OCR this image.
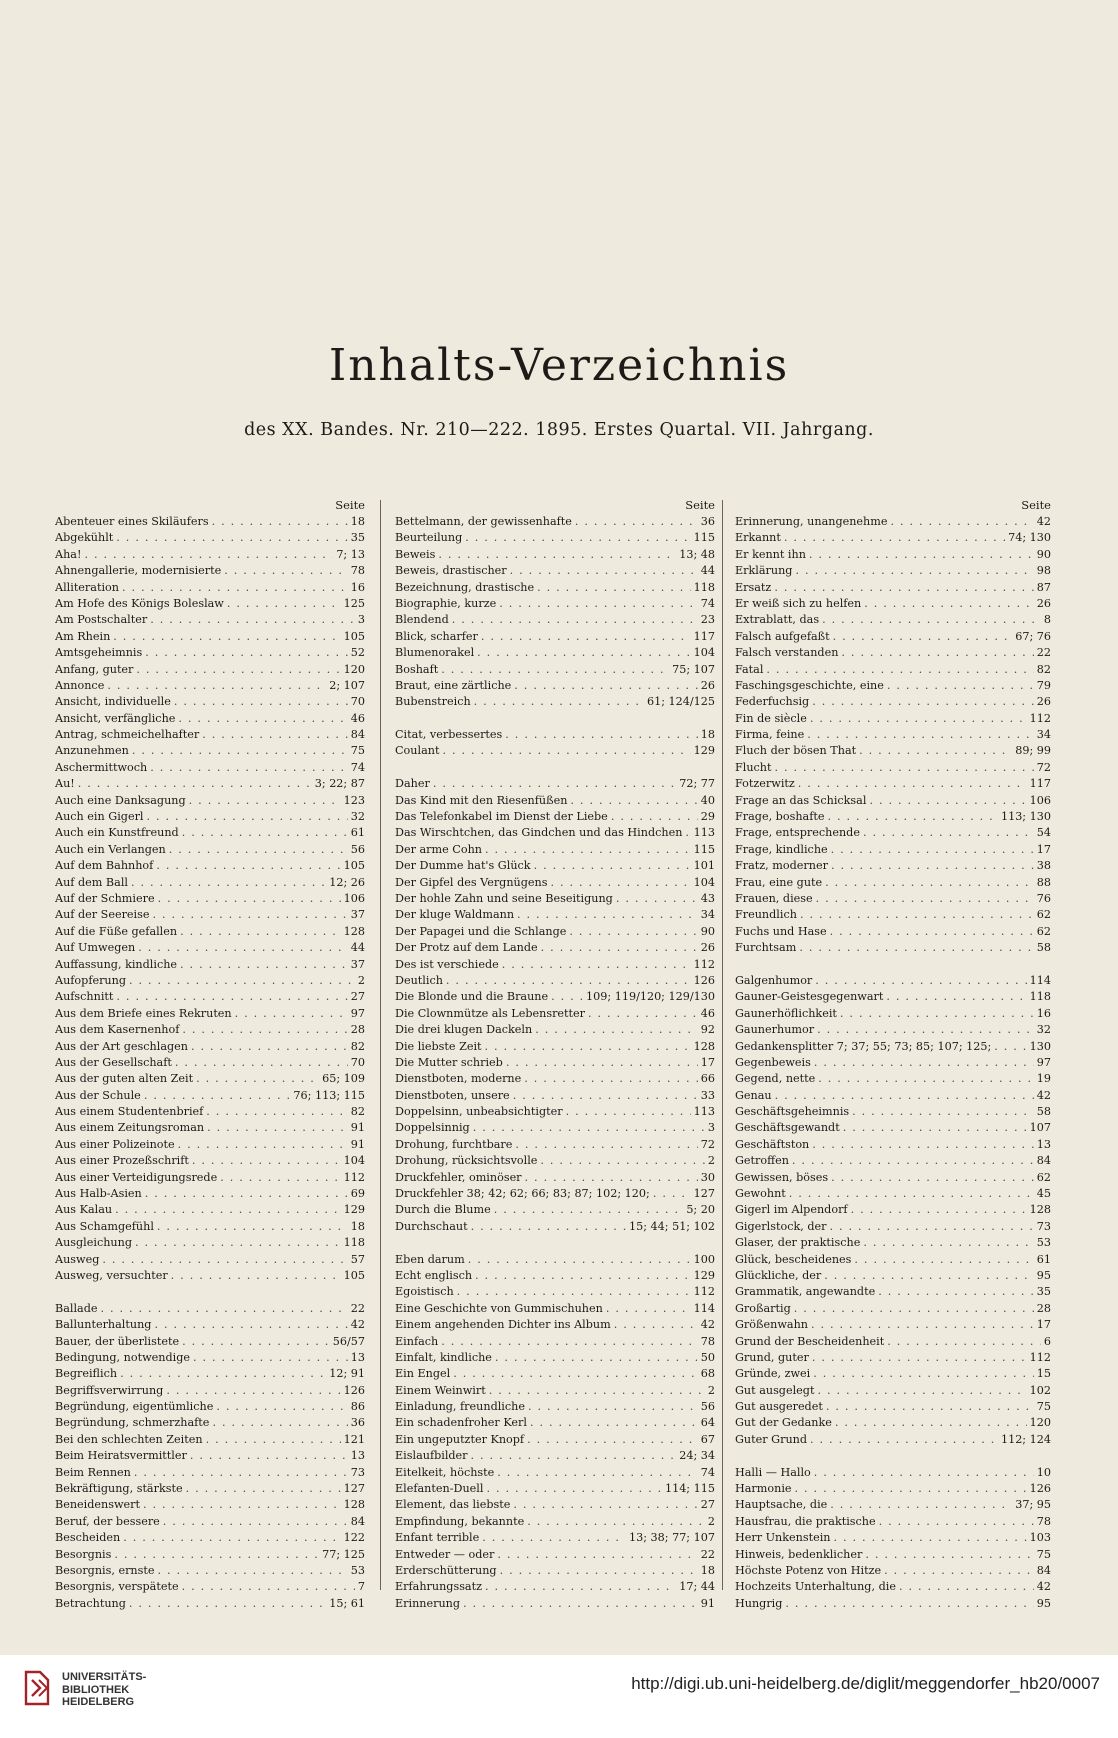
Inhalts-Verzeichnis
des XX. Bandes. Nr. 210—222. 1895. Erstes Quartal. VII. Jahrgang.
Seite
Abenteuer eines Skiläufers . . .	18
Abgekühlt . . .	35
Aha! . . .	7; 13
Ahnengallerie, modernisierte . . .	78
Alliteration . . .	16
Am Hofe des Königs Boleslaw . . .	125
Am Postschalter . . .	3
Am Rhein . . .	105
Amtsgeheimnis . . .	52
Anfang, guter . . .	120
Annonce . . .	2; 107
Ansicht, individuelle . . .	70
Ansicht, verfängliche . . .	46
Antrag, schmeichelhafter . . .	84
Anzunehmen . . .	75
Aschermittwoch . . .	74
Au! . . .	3; 22; 87
Auch eine Danksagung . . .	123
Auch ein Gigerl . . .	32
Auch ein Kunstfreund . . .	61
Auch ein Verlangen . . .	56
Auf dem Bahnhof . . .	105
Auf dem Ball . . .	12; 26
Auf der Schmiere . . .	106
Auf der Seereise . . .	37
Auf die Füße gefallen . . .	128
Auf Umwegen . . .	44
Auffassung, kindliche . . .	37
Aufopferung . . .	2
Aufschnitt . . .	27
Aus dem Briefe eines Rekruten . . .	97
Aus dem Kasernenhof . . .	28
Aus der Art geschlagen . . .	82
Aus der Gesellschaft . . .	70
Aus der guten alten Zeit . . .	65; 109
Aus der Schule . . .	76; 113; 115
Aus einem Studentenbrief . . .	82
Aus einem Zeitungsroman . . .	91
Aus einer Polizeinote . . .	91
Aus einer Prozeßschrift . . .	104
Aus einer Verteidigungsrede . . .	112
Aus Halb-Asien . . .	69
Aus Kalau . . .	129
Aus Schamgefühl . . .	18
Ausgleichung . . .	118
Ausweg . . .	57
Ausweg, versuchter . . .	105
Ballade . . .	22
Ballunterhaltung . . .	42
Bauer, der überlistete . . .	56/57
Bedingung, notwendige . . .	13
Begreiflich . . .	12; 91
Begriffsverwirrung . . .	126
Begründung, eigentümliche . . .	86
Begründung, schmerzhafte . . .	36
Bei den schlechten Zeiten . . .	121
Beim Heiratsvermittler . . .	13
Beim Rennen . . .	73
Bekräftigung, stärkste . . .	127
Beneidenswert . . .	128
Beruf, der bessere . . .	84
Bescheiden . . .	122
Besorgnis . . .	77; 125
Besorgnis, ernste . . .	53
Besorgnis, verspätete . . .	7
Betrachtung . . .	15; 61
Seite
Bettelmann, der gewissenhafte . . .	36
Beurteilung . . .	115
Beweis . . .	13; 48
Beweis, drastischer . . .	44
Bezeichnung, drastische . . .	118
Biographie, kurze . . .	74
Blendend . . .	23
Blick, scharfer . . .	117
Blumenorakel . . .	104
Boshaft . . .	75; 107
Braut, eine zärtliche . . .	26
Bubenstreich . . .	61; 124/125
Citat, verbessertes . . .	18
Coulant . . .	129
Daher . . .	72; 77
Das Kind mit den Riesenfüßen . . .	40
Das Telefonkabel im Dienst der Liebe . . .	29
Das Wirschtchen, das Gindchen und das Hindchen . . . 113
Der arme Cohn . . .	115
Der Dumme hat's Glück . . .	101
Der Gipfel des Vergnügens . . .	104
Der hohle Zahn und seine Beseitigung . . .	43
Der kluge Waldmann . . .	34
Der Papagei und die Schlange . . .	90
Der Protz auf dem Lande . . .	26
Des ist verschiede . . .	112
Deutlich . . .	126
Die Blonde und die Braune . . .	109; 119/120; 129/130
Die Clownmütze als Lebensretter . . .	46
Die drei klugen Dackeln . . .	92
Die liebste Zeit . . .	128
Die Mutter schrieb . . .	17
Dienstboten, moderne . . .	66
Dienstboten, unsere . . .	33
Doppelsinn, unbeabsichtigter . . .	113
Doppelsinnig . . .	3
Drohung, furchtbare . . .	72
Drohung, rücksichtsvolle . . .	2
Druckfehler, ominöser . . .	30
Druckfehler 38; 42; 62; 66; 83; 87; 102; 120; . . .	127
Durch die Blume . . .	5; 20
Durchschaut . . .	15; 44; 51; 102
Eben darum . . .	100
Echt englisch . . .	129
Egoistisch . . .	112
Eine Geschichte von Gummischuhen . . .	114
Einem angehenden Dichter ins Album . . .	42
Einfach . . .	78
Einfalt, kindliche . . .	50
Ein Engel . . .	68
Einem Weinwirt . . .	2
Einladung, freundliche . . .	56
Ein schadenfroher Kerl . . .	64
Ein ungeputzter Knopf . . .	67
Eislaufbilder . . .	24; 34
Eitelkeit, höchste . . .	74
Elefanten-Duell . . .	114; 115
Element, das liebste . . .	27
Empfindung, bekannte . . .	2
Enfant terrible . . .	13; 38; 77; 107
Entweder — oder . . .	22
Erderschütterung . . .	18
Erfahrungssatz . . .	17; 44
Erinnerung . . .	91
Seite
Erinnerung, unangenehme . . .	42
Erkannt . . .	74; 130
Er kennt ihn . . .	90
Erklärung . . .	98
Ersatz . . .	87
Er weiß sich zu helfen . . .	26
Extrablatt, das . . .	8
Falsch aufgefaßt . . .	67; 76
Falsch verstanden . . .	22
Fatal . . .	82
Faschingsgeschichte, eine . . .	79
Federfuchsig . . .	26
Fin de siècle . . .	112
Firma, feine . . .	34
Fluch der bösen That . . .	89; 99
Flucht . . .	72
Fotzerwitz . . .	117
Frage an das Schicksal . . .	106
Frage, boshafte . . .	113; 130
Frage, entsprechende . . .	54
Frage, kindliche . . .	17
Fratz, moderner . . .	38
Frau, eine gute . . .	88
Frauen, diese . . .	76
Freundlich . . .	62
Fuchs und Hase . . .	62
Furchtsam . . .	58
Galgenhumor . . .	114
Gauner-Geistesgegenwart . . .	118
Gaunerhöflichkeit . . .	16
Gaunerhumor . . .	32
Gedankensplitter 7; 37; 55; 73; 85; 107; 125; . . .	130
Gegenbeweis . . .	97
Gegend, nette . . .	19
Genau . . .	42
Geschäftsgeheimnis . . .	58
Geschäftsgewandt . . .	107
Geschäftston . . .	13
Getroffen . . .	84
Gewissen, böses . . .	62
Gewohnt . . .	45
Gigerl im Alpendorf . . .	128
Gigerlstock, der . . .	73
Glaser, der praktische . . .	53
Glück, bescheidenes . . .	61
Glückliche, der . . .	95
Grammatik, angewandte . . .	35
Großartig . . .	28
Größenwahn . . .	17
Grund der Bescheidenheit . . .	6
Grund, guter . . .	112
Gründe, zwei . . .	15
Gut ausgelegt . . .	102
Gut ausgeredet . . .	75
Gut der Gedanke . . .	120
Guter Grund . . .	112; 124
Halli — Hallo . . .	10
Harmonie . . .	126
Hauptsache, die . . .	37; 95
Hausfrau, die praktische . . .	78
Herr Unkenstein . . .	103
Hinweis, bedenklicher . . .	75
Höchste Potenz von Hitze . . .	84
Hochzeits Unterhaltung, die . . .	42
Hungrig . . .	95
UNIVERSITÄTS-
BIBLIOTHEK
HEIDELBERG
http://digi.ub.uni-heidelberg.de/diglit/meggendorfer_hb20/0007
